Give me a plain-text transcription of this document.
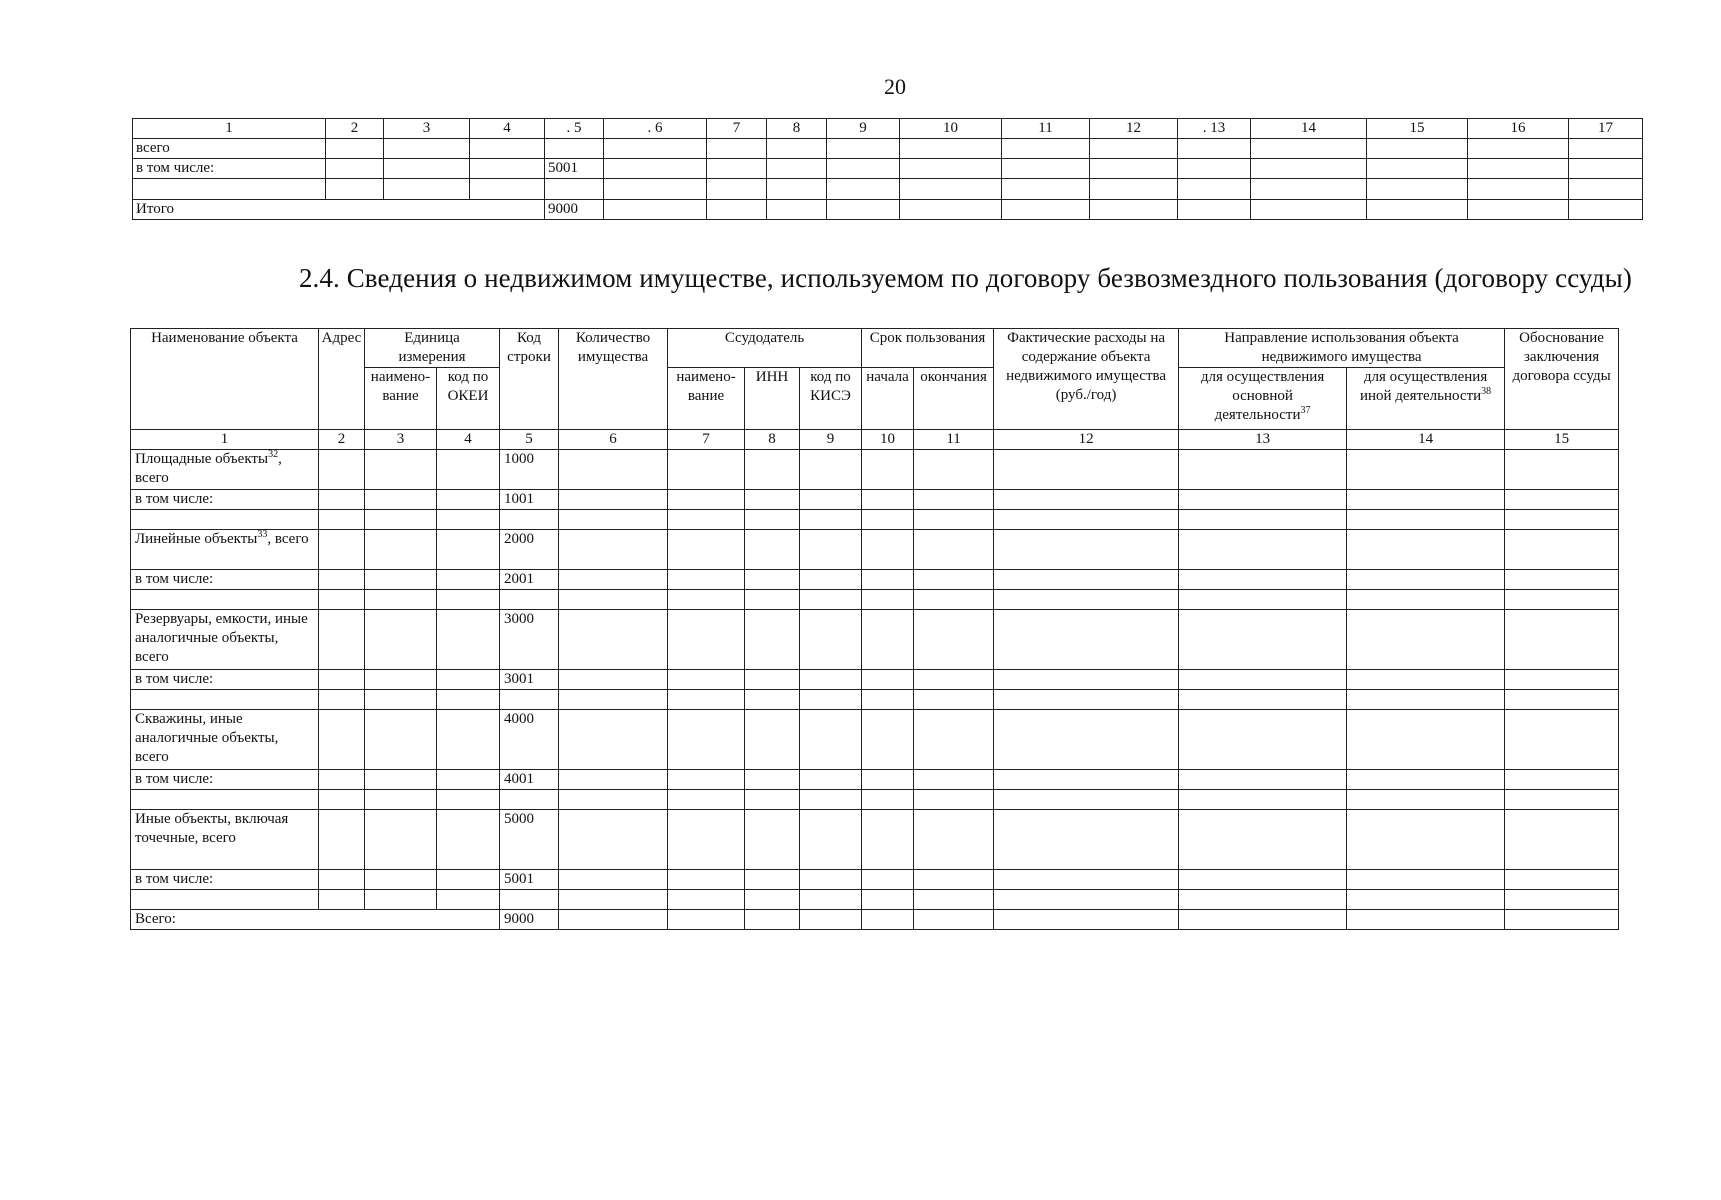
20
1	2	3	4	. 5	. 6	7	8	9	10	11	12	. 13	14	15	16	17
всего																
в том числе:				5001												

Итого				9000												
2.4. Сведения о недвижимом имуществе, используемом по договору безвозмездного пользования (договору ссуды)
Наименование объекта	Адрес	Единица измерения		Код строки	Количество имущества	Ссудодатель			Срок пользования		Фактические расходы на содержание объекта недвижимого имущества (руб./год)	Направление использования объекта недвижимого имущества		Обоснование заключения договора ссуды
		наимено- вание	код по ОКЕИ			наимено- вание	ИНН	код по КИСЭ	начала	окончания		для осуществления основной деятельности$^{37}$	для осуществления иной деятельности$^{38}$
1	2	3	4	5	6	7	8	9	10	11	12	13	14	15
Площадные объекты$^{32}$, всего				1000										
в том числе:				1001										

Линейные объекты$^{33}$, всего				2000										
в том числе:				2001										

Резервуары, емкости, иные аналогичные объекты, всего				3000										
в том числе:				3001										

Скважины, иные аналогичные объекты, всего				4000										
в том числе:				4001										

Иные объекты, включая точечные, всего				5000										
в том числе:				5001										

Всего:				9000										
